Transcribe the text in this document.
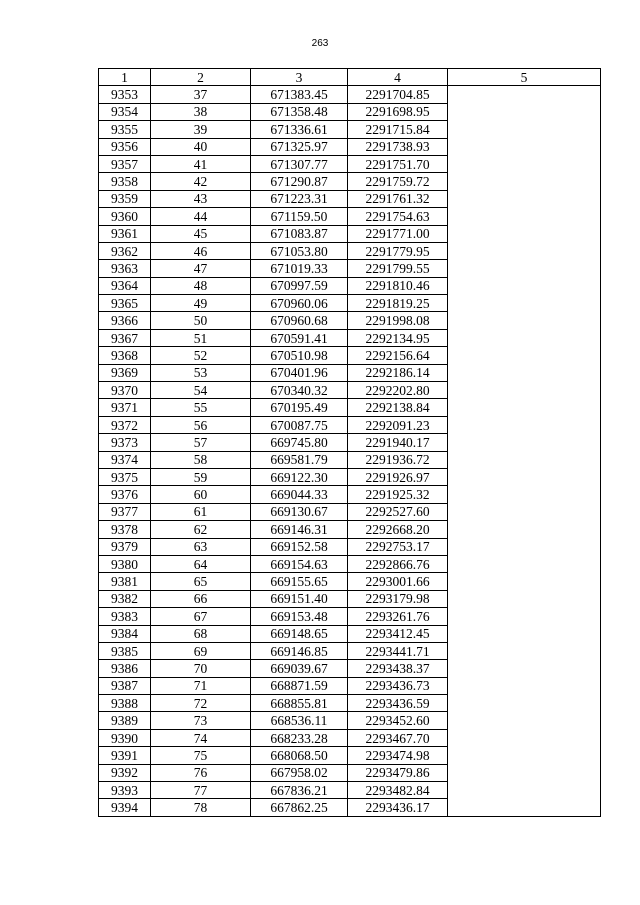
263
1	2	3	4	5
9353	37	671383.45	2291704.85	
9354	38	671358.48	2291698.95	
9355	39	671336.61	2291715.84	
9356	40	671325.97	2291738.93	
9357	41	671307.77	2291751.70	
9358	42	671290.87	2291759.72	
9359	43	671223.31	2291761.32	
9360	44	671159.50	2291754.63	
9361	45	671083.87	2291771.00	
9362	46	671053.80	2291779.95	
9363	47	671019.33	2291799.55	
9364	48	670997.59	2291810.46	
9365	49	670960.06	2291819.25	
9366	50	670960.68	2291998.08	
9367	51	670591.41	2292134.95	
9368	52	670510.98	2292156.64	
9369	53	670401.96	2292186.14	
9370	54	670340.32	2292202.80	
9371	55	670195.49	2292138.84	
9372	56	670087.75	2292091.23	
9373	57	669745.80	2291940.17	
9374	58	669581.79	2291936.72	
9375	59	669122.30	2291926.97	
9376	60	669044.33	2291925.32	
9377	61	669130.67	2292527.60	
9378	62	669146.31	2292668.20	
9379	63	669152.58	2292753.17	
9380	64	669154.63	2292866.76	
9381	65	669155.65	2293001.66	
9382	66	669151.40	2293179.98	
9383	67	669153.48	2293261.76	
9384	68	669148.65	2293412.45	
9385	69	669146.85	2293441.71	
9386	70	669039.67	2293438.37	
9387	71	668871.59	2293436.73	
9388	72	668855.81	2293436.59	
9389	73	668536.11	2293452.60	
9390	74	668233.28	2293467.70	
9391	75	668068.50	2293474.98	
9392	76	667958.02	2293479.86	
9393	77	667836.21	2293482.84	
9394	78	667862.25	2293436.17	
